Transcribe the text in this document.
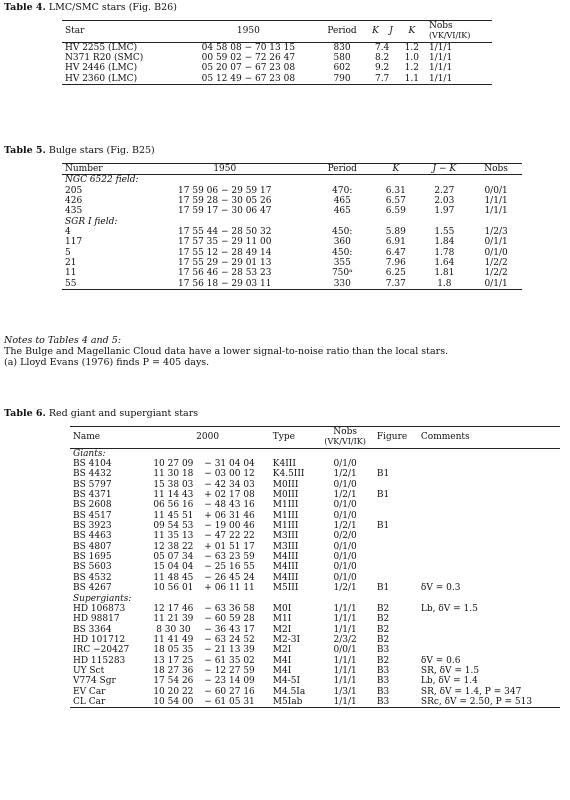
Table 4. LMC/SMC stars (Fig. B26)
Star	1950	Period	K	J	K	Nobs
(VK/VI/IK)
HV 2255 (LMC)	04 58 08 − 70 13 15	830	7.4		1.2	1/1/1
N371 R20 (SMC)	00 59 02 − 72 26 47	580	8.2		1.0	1/1/1
HV 2446 (LMC)	05 20 07 − 67 23 08	602	9.2		1.2	1/1/1
HV 2360 (LMC)	05 12 49 − 67 23 08	790	7.7		1.1	1/1/1
Table 5. Bulge stars (Fig. B25)
Number	1950	Period	K	J − K	Nobs
NGC 6522 field:					
205	17 59 06 − 29 59 17	470:	6.31	2.27	0/0/1
426	17 59 28 − 30 05 26	465	6.57	2.03	1/1/1
435	17 59 17 − 30 06 47	465	6.59	1.97	1/1/1
SGR I field:					
4	17 55 44 − 28 50 32	450:	5.89	1.55	1/2/3
117	17 57 35 − 29 11 00	360	6.91	1.84	0/1/1
5	17 55 12 − 28 49 14	450:	6.47	1.78	0/1/0
21	17 55 29 − 29 01 13	355	7.96	1.64	1/2/2
11	17 56 46 − 28 53 23	750ᵃ	6.25	1.81	1/2/2
55	17 56 18 − 29 03 11	330	7.37	1.8	0/1/1
Notes to Tables 4 and 5:
The Bulge and Magellanic Cloud data have a lower signal-to-noise ratio than the local stars.
(a) Lloyd Evans (1976) finds P = 405 days.
Table 6. Red giant and supergiant stars
Name	2000		Type	Nobs
(VK/VI/IK)	Figure	Comments
Giants:						
BS 4104	10 27 09	− 31 04 04	K4III	0/1/0		
BS 4432	11 30 18	− 03 00 12	K4.5III	1/2/1	B1	
BS 5797	15 38 03	− 42 34 03	M0III	0/1/0		
BS 4371	11 14 43	+ 02 17 08	M0III	1/2/1	B1	
BS 2608	06 56 16	− 48 43 16	M1III	0/1/0		
BS 4517	11 45 51	+ 06 31 46	M1III	0/1/0		
BS 3923	09 54 53	− 19 00 46	M1III	1/2/1	B1	
BS 4463	11 35 13	− 47 22 22	M3III	0/2/0		
BS 4807	12 38 22	+ 01 51 17	M3III	0/1/0		
BS 1695	05 07 34	− 63 23 59	M4III	0/1/0		
BS 5603	15 04 04	− 25 16 55	M4III	0/1/0		
BS 4532	11 48 45	− 26 45 24	M4III	0/1/0		
BS 4267	10 56 01	+ 06 11 11	M5III	1/2/1	B1	δV = 0.3
Supergiants:						
HD 106873	12 17 46	− 63 36 58	M0I	1/1/1	B2	Lb, δV = 1.5
HD 98817	11 21 39	− 60 59 28	M1I	1/1/1	B2	
BS 3364	8 30 30	− 36 43 17	M2I	1/1/1	B2	
HD 101712	11 41 49	− 63 24 52	M2-3I	2/3/2	B2	
IRC −20427	18 05 35	− 21 13 39	M2I	0/0/1	B3	
HD 115283	13 17 25	− 61 35 02	M4I	1/1/1	B2	δV = 0.6
UY Sct	18 27 36	− 12 27 59	M4I	1/1/1	B3	SR, δV = 1.5
V774 Sgr	17 54 26	− 23 14 09	M4-5I	1/1/1	B3	Lb, δV = 1.4
EV Car	10 20 22	− 60 27 16	M4.5Ia	1/3/1	B3	SR, δV = 1.4, P = 347
CL Car	10 54 00	− 61 05 31	M5Iab	1/1/1	B3	SRc, δV = 2.50, P = 513
